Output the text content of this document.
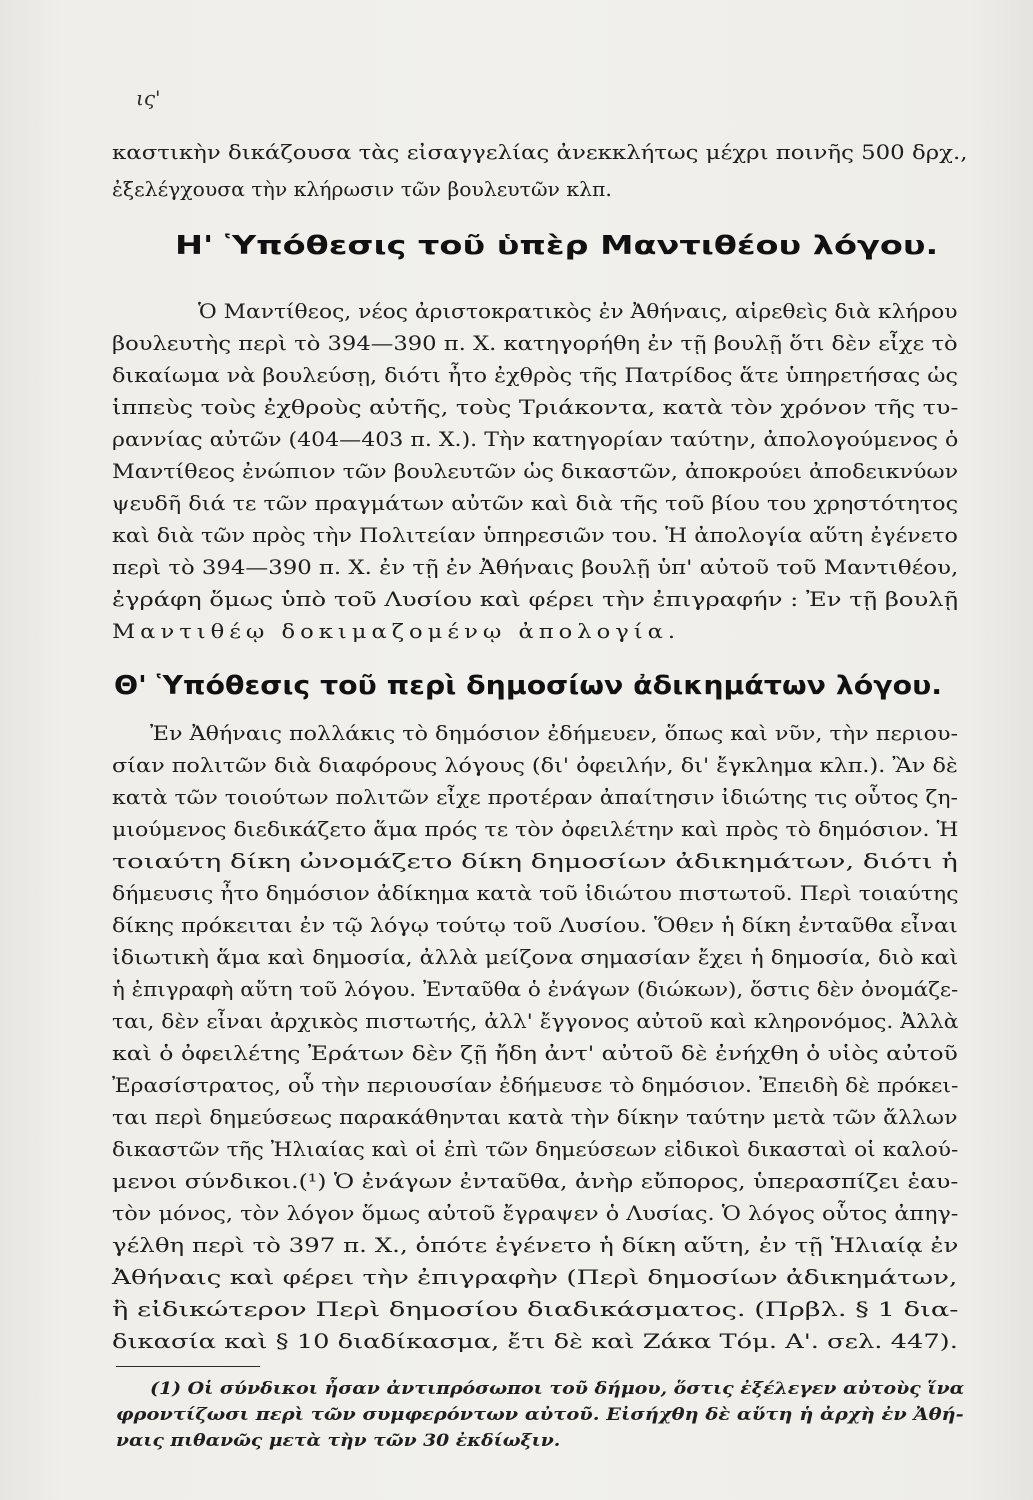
ις'
καστικὴν δικάζουσα τὰς εἰσαγγελίας ἀνεκκλήτως μέχρι ποινῆς 500 δρχ.,
ἐξελέγχουσα τὴν κλήρωσιν τῶν βουλευτῶν κλπ.
Η' Ὑπόθεσις τοῦ ὑπὲρ Μαντιθέου λόγου.
Ὁ Μαντίθεος, νέος ἀριστοκρατικὸς ἐν Ἀθήναις, αἱρεθεὶς διὰ κλήρου
βουλευτὴς περὶ τὸ 394—390 π. Χ. κατηγορήθη ἐν τῇ βουλῇ ὅτι δὲν εἶχε τὸ
δικαίωμα νὰ βουλεύσῃ, διότι ἦτο ἐχθρὸς τῆς Πατρίδος ἅτε ὑπηρετήσας ὡς
ἱππεὺς τοὺς ἐχθροὺς αὐτῆς, τοὺς Τριάκοντα, κατὰ τὸν χρόνον τῆς τυ-
ραννίας αὐτῶν (404—403 π. Χ.). Τὴν κατηγορίαν ταύτην, ἀπολογούμενος ὁ
Μαντίθεος ἐνώπιον τῶν βουλευτῶν ὡς δικαστῶν, ἀποκρούει ἀποδεικνύων
ψευδῆ διά τε τῶν πραγμάτων αὐτῶν καὶ διὰ τῆς τοῦ βίου του χρηστότητος
καὶ διὰ τῶν πρὸς τὴν Πολιτείαν ὑπηρεσιῶν του. Ἡ ἀπολογία αὕτη ἐγένετο
περὶ τὸ 394—390 π. Χ. ἐν τῇ ἐν Ἀθήναις βουλῇ ὑπ' αὐτοῦ τοῦ Μαντιθέου,
ἐγράφη ὅμως ὑπὸ τοῦ Λυσίου καὶ φέρει τὴν ἐπιγραφήν : Ἐν τῇ βουλῇ
Μαντιθέῳ δοκιμαζομένῳ ἀπολογία.
Θ' Ὑπόθεσις τοῦ περὶ δημοσίων ἀδικημάτων λόγου.
Ἐν Ἀθήναις πολλάκις τὸ δημόσιον ἐδήμευεν, ὅπως καὶ νῦν, τὴν περιου-
σίαν πολιτῶν διὰ διαφόρους λόγους (δι' ὀφειλήν, δι' ἔγκλημα κλπ.). Ἂν δὲ
κατὰ τῶν τοιούτων πολιτῶν εἶχε προτέραν ἀπαίτησιν ἰδιώτης τις οὗτος ζη-
μιούμενος διεδικάζετο ἅμα πρός τε τὸν ὀφειλέτην καὶ πρὸς τὸ δημόσιον. Ἡ
τοιαύτη δίκη ὠνομάζετο δίκη δημοσίων ἀδικημάτων, διότι ἡ
δήμευσις ἦτο δημόσιον ἀδίκημα κατὰ τοῦ ἰδιώτου πιστωτοῦ. Περὶ τοιαύτης
δίκης πρόκειται ἐν τῷ λόγῳ τούτῳ τοῦ Λυσίου. Ὅθεν ἡ δίκη ἐνταῦθα εἶναι
ἰδιωτικὴ ἅμα καὶ δημοσία, ἀλλὰ μείζονα σημασίαν ἔχει ἡ δημοσία, διὸ καὶ
ἡ ἐπιγραφὴ αὕτη τοῦ λόγου. Ἐνταῦθα ὁ ἐνάγων (διώκων), ὅστις δὲν ὀνομάζε-
ται, δὲν εἶναι ἀρχικὸς πιστωτής, ἀλλ' ἔγγονος αὐτοῦ καὶ κληρονόμος. Ἀλλὰ
καὶ ὁ ὀφειλέτης Ἐράτων δὲν ζῇ ἤδη ἀντ' αὐτοῦ δὲ ἐνήχθη ὁ υἱὸς αὐτοῦ
Ἐρασίστρατος, οὗ τὴν περιουσίαν ἐδήμευσε τὸ δημόσιον. Ἐπειδὴ δὲ πρόκει-
ται περὶ δημεύσεως παρακάθηνται κατὰ τὴν δίκην ταύτην μετὰ τῶν ἄλλων
δικαστῶν τῆς Ἠλιαίας καὶ οἱ ἐπὶ τῶν δημεύσεων εἰδικοὶ δικασταὶ οἱ καλού-
μενοι σύνδικοι.(¹) Ὁ ἐνάγων ἐνταῦθα, ἀνὴρ εὔπορος, ὑπερασπίζει ἑαυ-
τὸν μόνος, τὸν λόγον ὅμως αὐτοῦ ἔγραψεν ὁ Λυσίας. Ὁ λόγος οὗτος ἀπηγ-
γέλθη περὶ τὸ 397 π. Χ., ὁπότε ἐγένετο ἡ δίκη αὕτη, ἐν τῇ Ἡλιαίᾳ ἐν
Ἀθήναις καὶ φέρει τὴν ἐπιγραφὴν (Περὶ δημοσίων ἀδικημάτων,
ἢ εἰδικώτερον Περὶ δημοσίου διαδικάσματος. (Πρβλ. § 1 δια-
δικασία καὶ § 10 διαδίκασμα, ἔτι δὲ καὶ Ζάκα Τόμ. Α'. σελ. 447).
(1) Οἱ σύνδικοι ἦσαν ἀντιπρόσωποι τοῦ δήμου, ὅστις ἐξέλεγεν αὐτοὺς ἵνα
φροντίζωσι περὶ τῶν συμφερόντων αὐτοῦ. Εἰσήχθη δὲ αὕτη ἡ ἀρχὴ ἐν Ἀθή-
ναις πιθανῶς μετὰ τὴν τῶν 30 ἐκδίωξιν.
